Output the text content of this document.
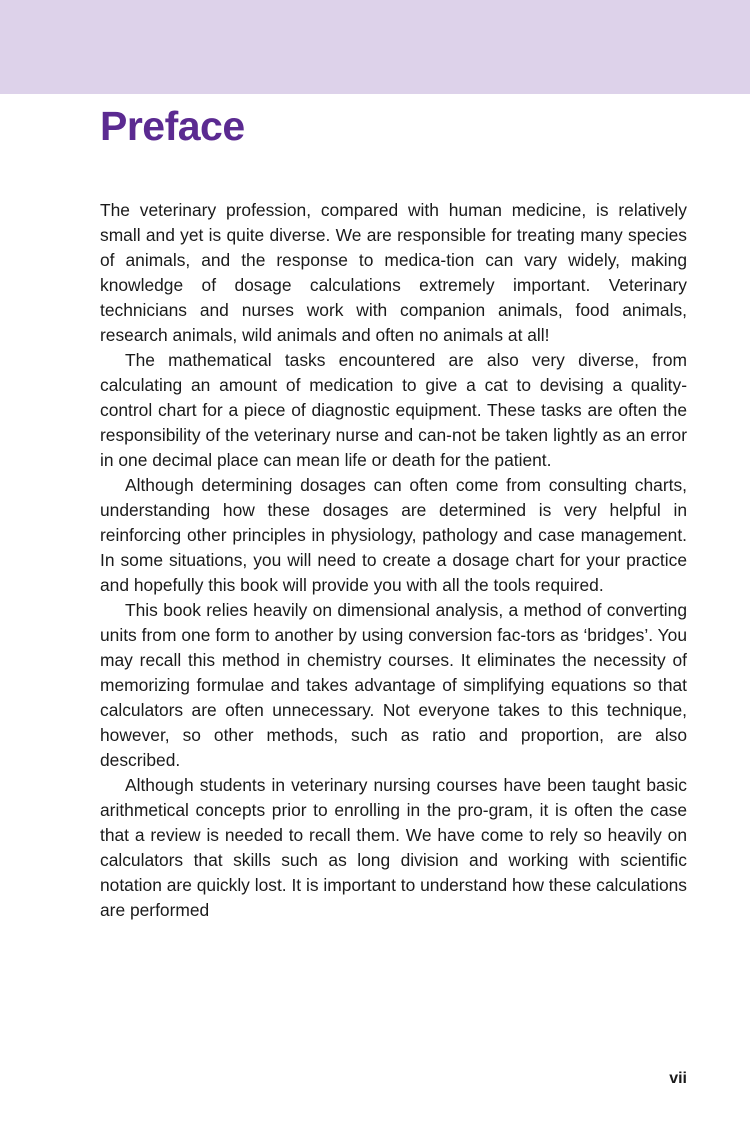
Preface

The veterinary profession, compared with human medicine, is relatively small and yet is quite diverse. We are responsible for treating many species of animals, and the response to medica-tion can vary widely, making knowledge of dosage calculations extremely important. Veterinary technicians and nurses work with companion animals, food animals, research animals, wild animals and often no animals at all!

The mathematical tasks encountered are also very diverse, from calculating an amount of medication to give a cat to devising a quality-control chart for a piece of diagnostic equipment. These tasks are often the responsibility of the veterinary nurse and can-not be taken lightly as an error in one decimal place can mean life or death for the patient.

Although determining dosages can often come from consulting charts, understanding how these dosages are determined is very helpful in reinforcing other principles in physiology, pathology and case management. In some situations, you will need to create a dosage chart for your practice and hopefully this book will provide you with all the tools required.

This book relies heavily on dimensional analysis, a method of converting units from one form to another by using conversion fac-tors as ‘bridges’. You may recall this method in chemistry courses. It eliminates the necessity of memorizing formulae and takes advantage of simplifying equations so that calculators are often unnecessary. Not everyone takes to this technique, however, so other methods, such as ratio and proportion, are also described.

Although students in veterinary nursing courses have been taught basic arithmetical concepts prior to enrolling in the pro-gram, it is often the case that a review is needed to recall them. We have come to rely so heavily on calculators that skills such as long division and working with scientific notation are quickly lost. It is important to understand how these calculations are performed

vii
